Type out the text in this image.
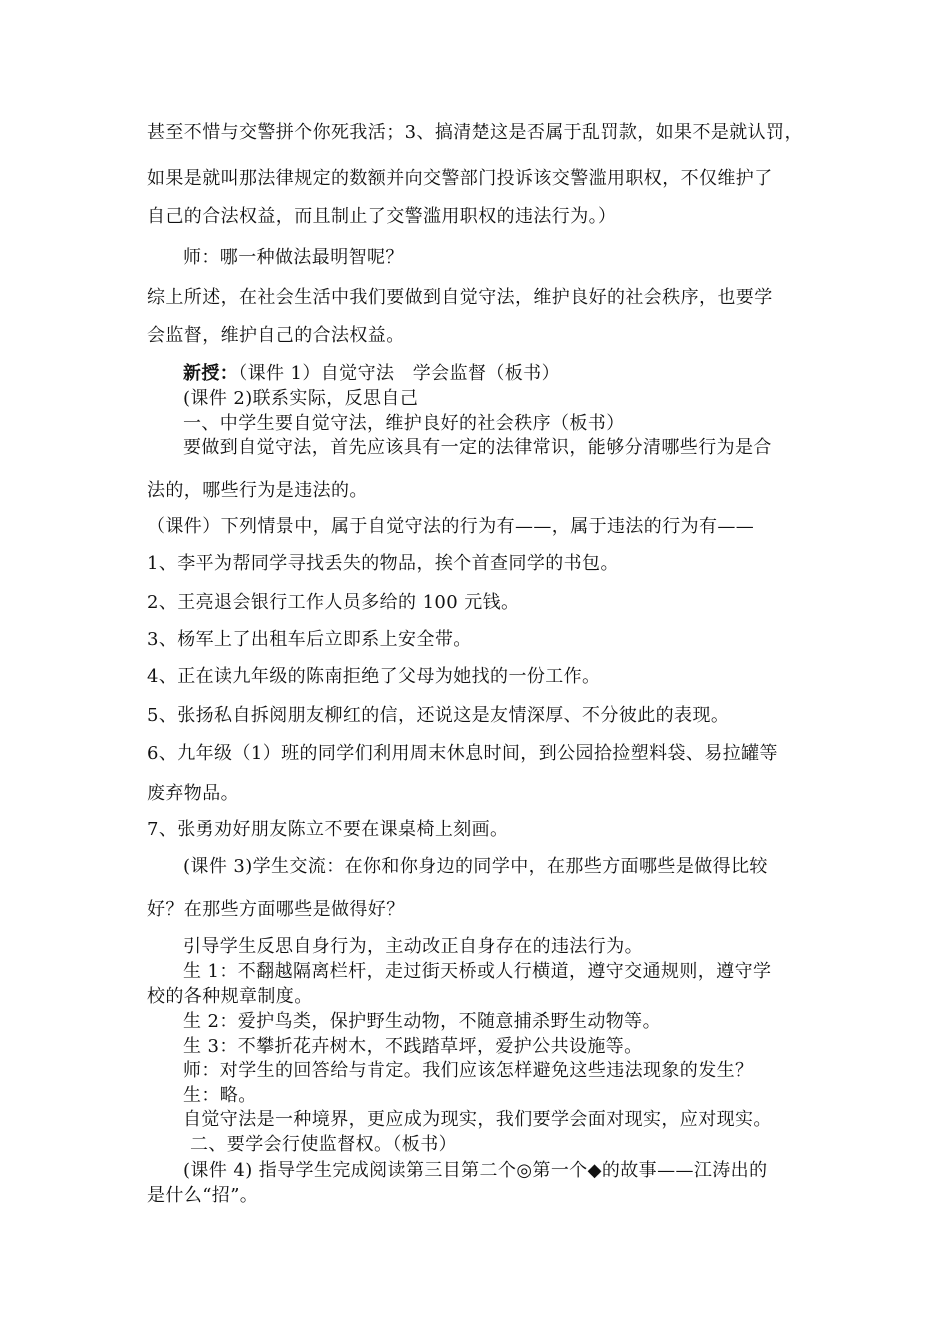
甚至不惜与交警拼个你死我活；3、搞清楚这是否属于乱罚款，如果不是就认罚，
如果是就叫那法律规定的数额并向交警部门投诉该交警滥用职权，不仅维护了
自己的合法权益，而且制止了交警滥用职权的违法行为。）
师：哪一种做法最明智呢？
综上所述，在社会生活中我们要做到自觉守法，维护良好的社会秩序，也要学
会监督，维护自己的合法权益。
新授：（课件 1）自觉守法　学会监督（板书）
(课件 2)联系实际，反思自己
一、中学生要自觉守法，维护良好的社会秩序（板书）
要做到自觉守法，首先应该具有一定的法律常识，能够分清哪些行为是合
法的，哪些行为是违法的。
（课件）下列情景中，属于自觉守法的行为有——，属于违法的行为有——
1、李平为帮同学寻找丢失的物品，挨个首查同学的书包。
2、王亮退会银行工作人员多给的 100 元钱。
3、杨军上了出租车后立即系上安全带。
4、正在读九年级的陈南拒绝了父母为她找的一份工作。
5、张扬私自拆阅朋友柳红的信，还说这是友情深厚、不分彼此的表现。
6、九年级（1）班的同学们利用周末休息时间，到公园拾捡塑料袋、易拉罐等
废弃物品。
7、张勇劝好朋友陈立不要在课桌椅上刻画。
(课件 3)学生交流：在你和你身边的同学中，在那些方面哪些是做得比较
好？在那些方面哪些是做得好？
引导学生反思自身行为，主动改正自身存在的违法行为。
生 1：不翻越隔离栏杆，走过街天桥或人行横道，遵守交通规则，遵守学
校的各种规章制度。
生 2：爱护鸟类，保护野生动物，不随意捕杀野生动物等。
生 3：不攀折花卉树木，不践踏草坪，爱护公共设施等。
师：对学生的回答给与肯定。我们应该怎样避免这些违法现象的发生？
生：略。
自觉守法是一种境界，更应成为现实，我们要学会面对现实，应对现实。
二、要学会行使监督权。（板书）
(课件 4) 指导学生完成阅读第三目第二个◎第一个◆的故事——江涛出的
是什么“招”。
